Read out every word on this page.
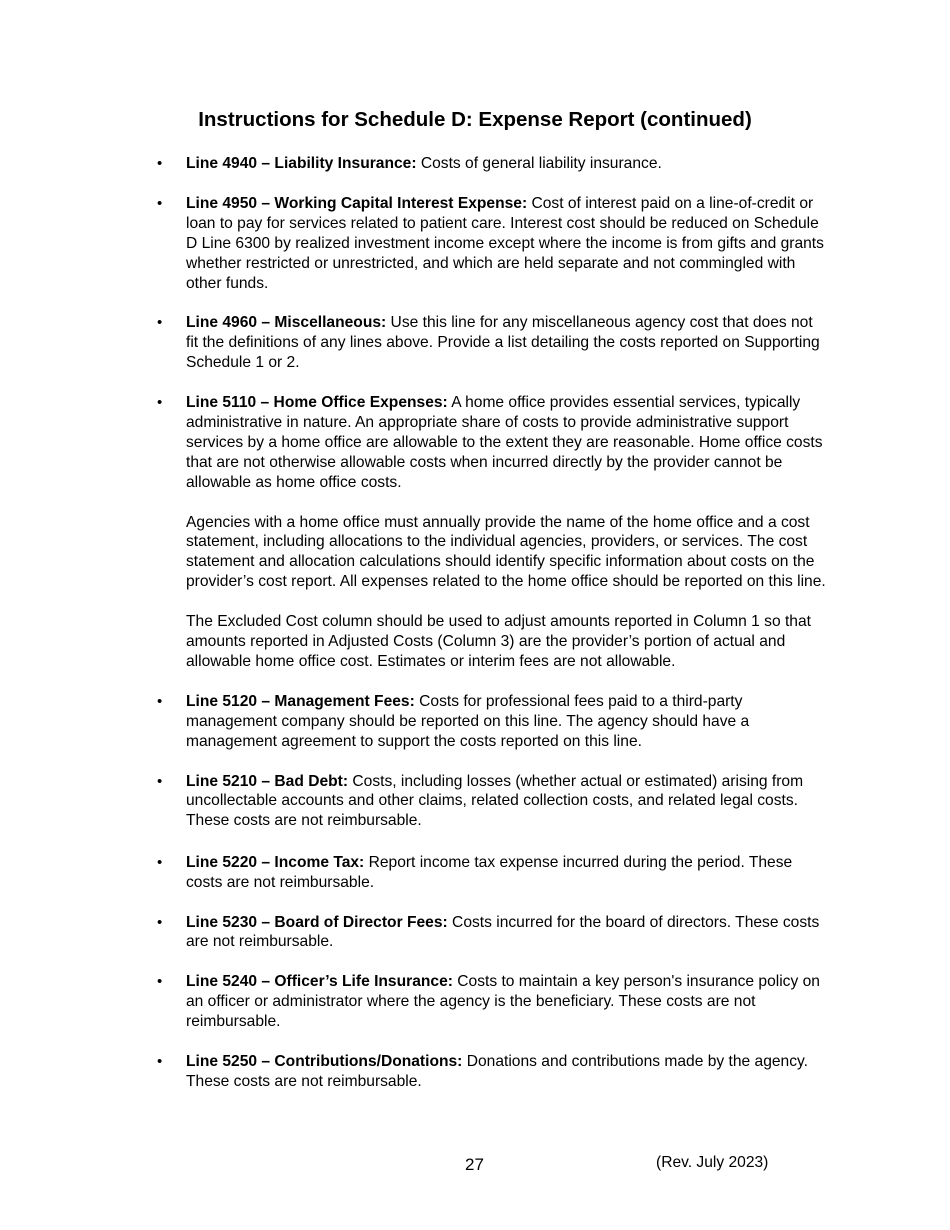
Instructions for Schedule D: Expense Report (continued)
• Line 4940 – Liability Insurance: Costs of general liability insurance.

• Line 4950 – Working Capital Interest Expense: Cost of interest paid on a line-of-credit or loan to pay for services related to patient care. Interest cost should be reduced on Schedule D Line 6300 by realized investment income except where the income is from gifts and grants whether restricted or unrestricted, and which are held separate and not commingled with other funds.

• Line 4960 – Miscellaneous: Use this line for any miscellaneous agency cost that does not fit the definitions of any lines above. Provide a list detailing the costs reported on Supporting Schedule 1 or 2.

• Line 5110 – Home Office Expenses: A home office provides essential services, typically administrative in nature. An appropriate share of costs to provide administrative support services by a home office are allowable to the extent they are reasonable. Home office costs that are not otherwise allowable costs when incurred directly by the provider cannot be allowable as home office costs.

Agencies with a home office must annually provide the name of the home office and a cost statement, including allocations to the individual agencies, providers, or services. The cost statement and allocation calculations should identify specific information about costs on the provider’s cost report. All expenses related to the home office should be reported on this line.

The Excluded Cost column should be used to adjust amounts reported in Column 1 so that amounts reported in Adjusted Costs (Column 3) are the provider’s portion of actual and allowable home office cost. Estimates or interim fees are not allowable.

• Line 5120 – Management Fees: Costs for professional fees paid to a third-party management company should be reported on this line. The agency should have a management agreement to support the costs reported on this line.

• Line 5210 – Bad Debt: Costs, including losses (whether actual or estimated) arising from uncollectable accounts and other claims, related collection costs, and related legal costs. These costs are not reimbursable.

• Line 5220 – Income Tax: Report income tax expense incurred during the period. These costs are not reimbursable.

• Line 5230 – Board of Director Fees: Costs incurred for the board of directors. These costs are not reimbursable.

• Line 5240 – Officer’s Life Insurance: Costs to maintain a key person's insurance policy on an officer or administrator where the agency is the beneficiary. These costs are not reimbursable.

• Line 5250 – Contributions/Donations: Donations and contributions made by the agency. These costs are not reimbursable.

27	(Rev. July 2023)
